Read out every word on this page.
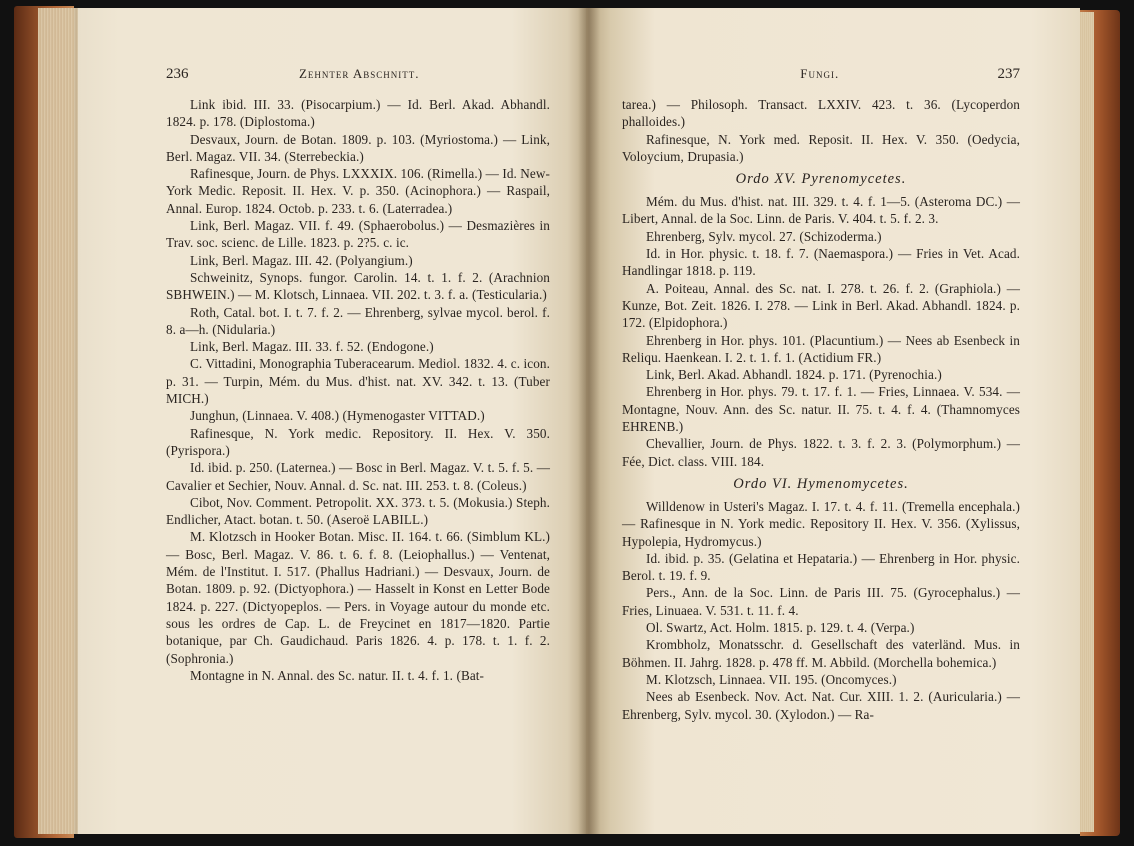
236	Zehnter Abschnitt.

Link ibid. III. 33. (Pisocarpium.) — Id. Berl. Akad. Abhandl. 1824. p. 178. (Diplostoma.)

Desvaux, Journ. de Botan. 1809. p. 103. (Myriostoma.) — Link, Berl. Magaz. VII. 34. (Sterrebeckia.)

Rafinesque, Journ. de Phys. LXXXIX. 106. (Rimella.) — Id. New-York Medic. Reposit. II. Hex. V. p. 350. (Acinophora.) — Raspail, Annal. Europ. 1824. Octob. p. 233. t. 6. (Laterradea.)

Link, Berl. Magaz. VII. f. 49. (Sphaerobolus.) — Desmazières in Trav. soc. scienc. de Lille. 1823. p. 2?5. c. ic.

Link, Berl. Magaz. III. 42. (Polyangium.)

Schweinitz, Synops. fungor. Carolin. 14. t. 1. f. 2. (Arachnion SBHWEIN.) — M. Klotsch, Linnaea. VII. 202. t. 3. f. a. (Testicularia.)

Roth, Catal. bot. I. t. 7. f. 2. — Ehrenberg, sylvae mycol. berol. f. 8. a—h. (Nidularia.)

Link, Berl. Magaz. III. 33. f. 52. (Endogone.)

C. Vittadini, Monographia Tuberacearum. Mediol. 1832. 4. c. icon. p. 31. — Turpin, Mém. du Mus. d'hist. nat. XV. 342. t. 13. (Tuber MICH.)

Junghun, (Linnaea. V. 408.) (Hymenogaster VITTAD.)

Rafinesque, N. York medic. Repository. II. Hex. V. 350. (Pyrispora.)

Id. ibid. p. 250. (Laternea.) — Bosc in Berl. Magaz. V. t. 5. f. 5. — Cavalier et Sechier, Nouv. Annal. d. Sc. nat. III. 253. t. 8. (Coleus.)

Cibot, Nov. Comment. Petropolit. XX. 373. t. 5. (Mokusia.) Steph. Endlicher, Atact. botan. t. 50. (Aseroë LABILL.)

M. Klotzsch in Hooker Botan. Misc. II. 164. t. 66. (Simblum KL.) — Bosc, Berl. Magaz. V. 86. t. 6. f. 8. (Leiophallus.) — Ventenat, Mém. de l'Institut. I. 517. (Phallus Hadriani.) — Desvaux, Journ. de Botan. 1809. p. 92. (Dictyophora.) — Hasselt in Konst en Letter Bode 1824. p. 227. (Dictyopeplos. — Pers. in Voyage autour du monde etc. sous les ordres de Cap. L. de Freycinet en 1817—1820. Partie botanique, par Ch. Gaudichaud. Paris 1826. 4. p. 178. t. 1. f. 2. (Sophronia.)

Montagne in N. Annal. des Sc. natur. II. t. 4. f. 1. (Bat-

Fungi.	237

tarea.) — Philosoph. Transact. LXXIV. 423. t. 36. (Lycoperdon phalloides.)

Rafinesque, N. York med. Reposit. II. Hex. V. 350. (Oedycia, Voloycium, Drupasia.)

Ordo XV. Pyrenomycetes.

Mém. du Mus. d'hist. nat. III. 329. t. 4. f. 1—5. (Asteroma DC.) — Libert, Annal. de la Soc. Linn. de Paris. V. 404. t. 5. f. 2. 3.

Ehrenberg, Sylv. mycol. 27. (Schizoderma.)

Id. in Hor. physic. t. 18. f. 7. (Naemaspora.) — Fries in Vet. Acad. Handlingar 1818. p. 119.

A. Poiteau, Annal. des Sc. nat. I. 278. t. 26. f. 2. (Graphiola.) — Kunze, Bot. Zeit. 1826. I. 278. — Link in Berl. Akad. Abhandl. 1824. p. 172. (Elpidophora.)

Ehrenberg in Hor. phys. 101. (Placuntium.) — Nees ab Esenbeck in Reliqu. Haenkean. I. 2. t. 1. f. 1. (Actidium FR.)

Link, Berl. Akad. Abhandl. 1824. p. 171. (Pyrenochia.)

Ehrenberg in Hor. phys. 79. t. 17. f. 1. — Fries, Linnaea. V. 534. — Montagne, Nouv. Ann. des Sc. natur. II. 75. t. 4. f. 4. (Thamnomyces EHRENB.)

Chevallier, Journ. de Phys. 1822. t. 3. f. 2. 3. (Polymorphum.) — Fée, Dict. class. VIII. 184.

Ordo VI. Hymenomycetes.

Willdenow in Usteri's Magaz. I. 17. t. 4. f. 11. (Tremella encephala.) — Rafinesque in N. York medic. Repository II. Hex. V. 356. (Xylissus, Hypolepia, Hydromycus.)

Id. ibid. p. 35. (Gelatina et Hepataria.) — Ehrenberg in Hor. physic. Berol. t. 19. f. 9.

Pers., Ann. de la Soc. Linn. de Paris III. 75. (Gyrocephalus.) — Fries, Linuaea. V. 531. t. 11. f. 4.

Ol. Swartz, Act. Holm. 1815. p. 129. t. 4. (Verpa.)

Krombholz, Monatsschr. d. Gesellschaft des vaterländ. Mus. in Böhmen. II. Jahrg. 1828. p. 478 ff. M. Abbild. (Morchella bohemica.)

M. Klotzsch, Linnaea. VII. 195. (Oncomyces.)

Nees ab Esenbeck. Nov. Act. Nat. Cur. XIII. 1. 2. (Auricularia.) — Ehrenberg, Sylv. mycol. 30. (Xylodon.) — Ra-
